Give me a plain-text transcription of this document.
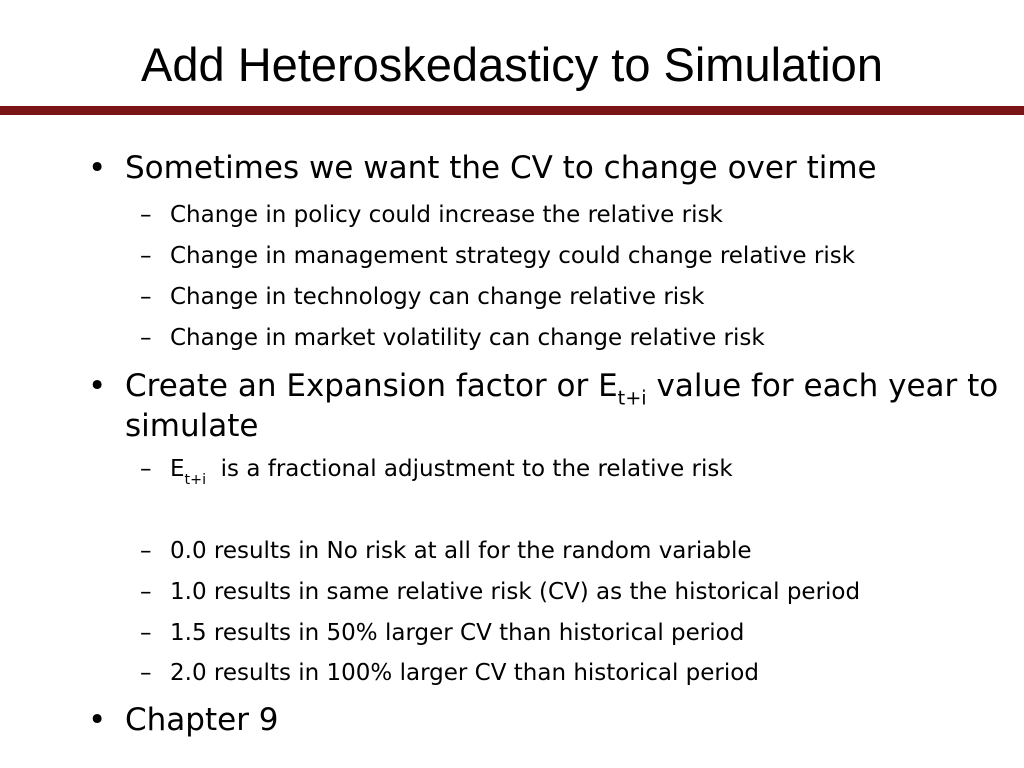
Add Heteroskedasticy to Simulation
• Sometimes we want the CV to change over time
– Change in policy could increase the relative risk
– Change in management strategy could change relative risk
– Change in technology can change relative risk
– Change in market volatility can change relative risk
• Create an Expansion factor or $E_{t+i}$ value for each year to
simulate
– $E_{t+i}$  is a fractional adjustment to the relative risk
– 0.0 results in No risk at all for the random variable
– 1.0 results in same relative risk (CV) as the historical period
– 1.5 results in 50% larger CV than historical period
– 2.0 results in 100% larger CV than historical period
• Chapter 9
